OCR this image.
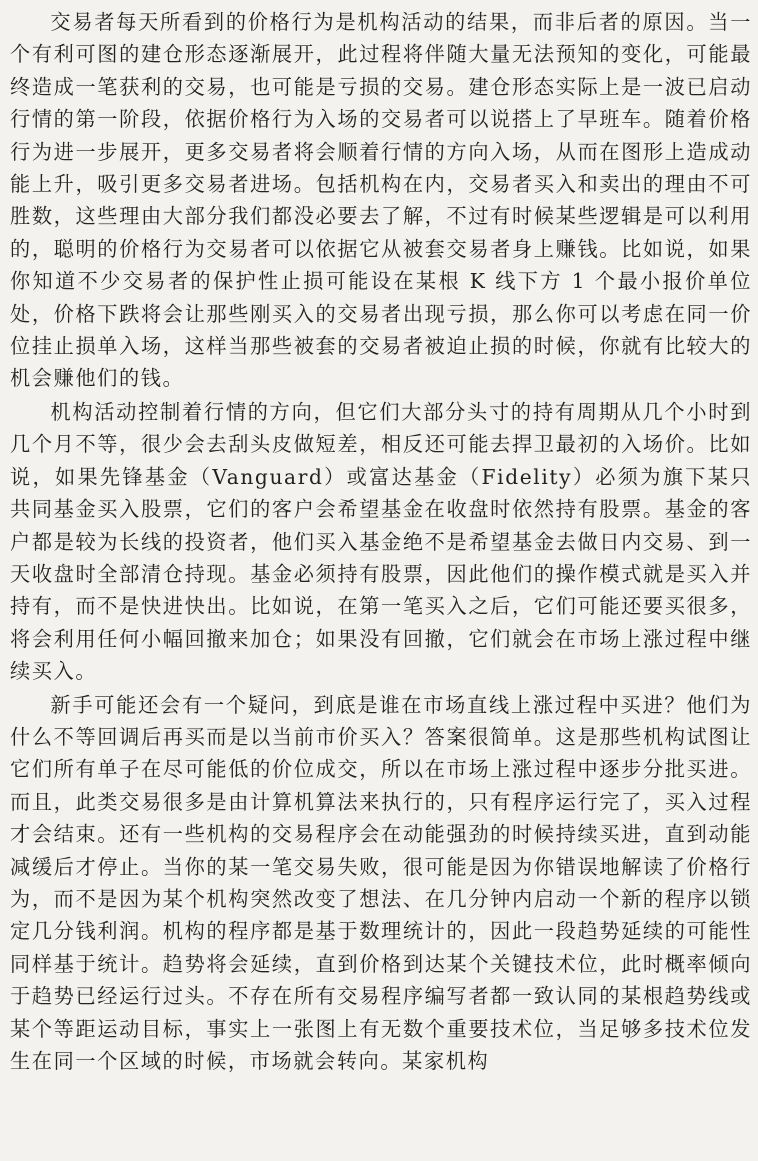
交易者每天所看到的价格行为是机构活动的结果，而非后者的原因。当一个有利可图的建仓形态逐渐展开，此过程将伴随大量无法预知的变化，可能最终造成一笔获利的交易，也可能是亏损的交易。建仓形态实际上是一波已启动行情的第一阶段，依据价格行为入场的交易者可以说搭上了早班车。随着价格行为进一步展开，更多交易者将会顺着行情的方向入场，从而在图形上造成动能上升，吸引更多交易者进场。包括机构在内，交易者买入和卖出的理由不可胜数，这些理由大部分我们都没必要去了解，不过有时候某些逻辑是可以利用的，聪明的价格行为交易者可以依据它从被套交易者身上赚钱。比如说，如果你知道不少交易者的保护性止损可能设在某根 K 线下方 1 个最小报价单位处，价格下跌将会让那些刚买入的交易者出现亏损，那么你可以考虑在同一价位挂止损单入场，这样当那些被套的交易者被迫止损的时候，你就有比较大的机会赚他们的钱。

机构活动控制着行情的方向，但它们大部分头寸的持有周期从几个小时到几个月不等，很少会去刮头皮做短差，相反还可能去捍卫最初的入场价。比如说，如果先锋基金（Vanguard）或富达基金（Fidelity）必须为旗下某只共同基金买入股票，它们的客户会希望基金在收盘时依然持有股票。基金的客户都是较为长线的投资者，他们买入基金绝不是希望基金去做日内交易、到一天收盘时全部清仓持现。基金必须持有股票，因此他们的操作模式就是买入并持有，而不是快进快出。比如说，在第一笔买入之后，它们可能还要买很多，将会利用任何小幅回撤来加仓；如果没有回撤，它们就会在市场上涨过程中继续买入。

新手可能还会有一个疑问，到底是谁在市场直线上涨过程中买进？他们为什么不等回调后再买而是以当前市价买入？答案很简单。这是那些机构试图让它们所有单子在尽可能低的价位成交，所以在市场上涨过程中逐步分批买进。而且，此类交易很多是由计算机算法来执行的，只有程序运行完了，买入过程才会结束。还有一些机构的交易程序会在动能强劲的时候持续买进，直到动能减缓后才停止。当你的某一笔交易失败，很可能是因为你错误地解读了价格行为，而不是因为某个机构突然改变了想法、在几分钟内启动一个新的程序以锁定几分钱利润。机构的程序都是基于数理统计的，因此一段趋势延续的可能性同样基于统计。趋势将会延续，直到价格到达某个关键技术位，此时概率倾向于趋势已经运行过头。不存在所有交易程序编写者都一致认同的某根趋势线或某个等距运动目标，事实上一张图上有无数个重要技术位，当足够多技术位发生在同一个区域的时候，市场就会转向。某家机构
